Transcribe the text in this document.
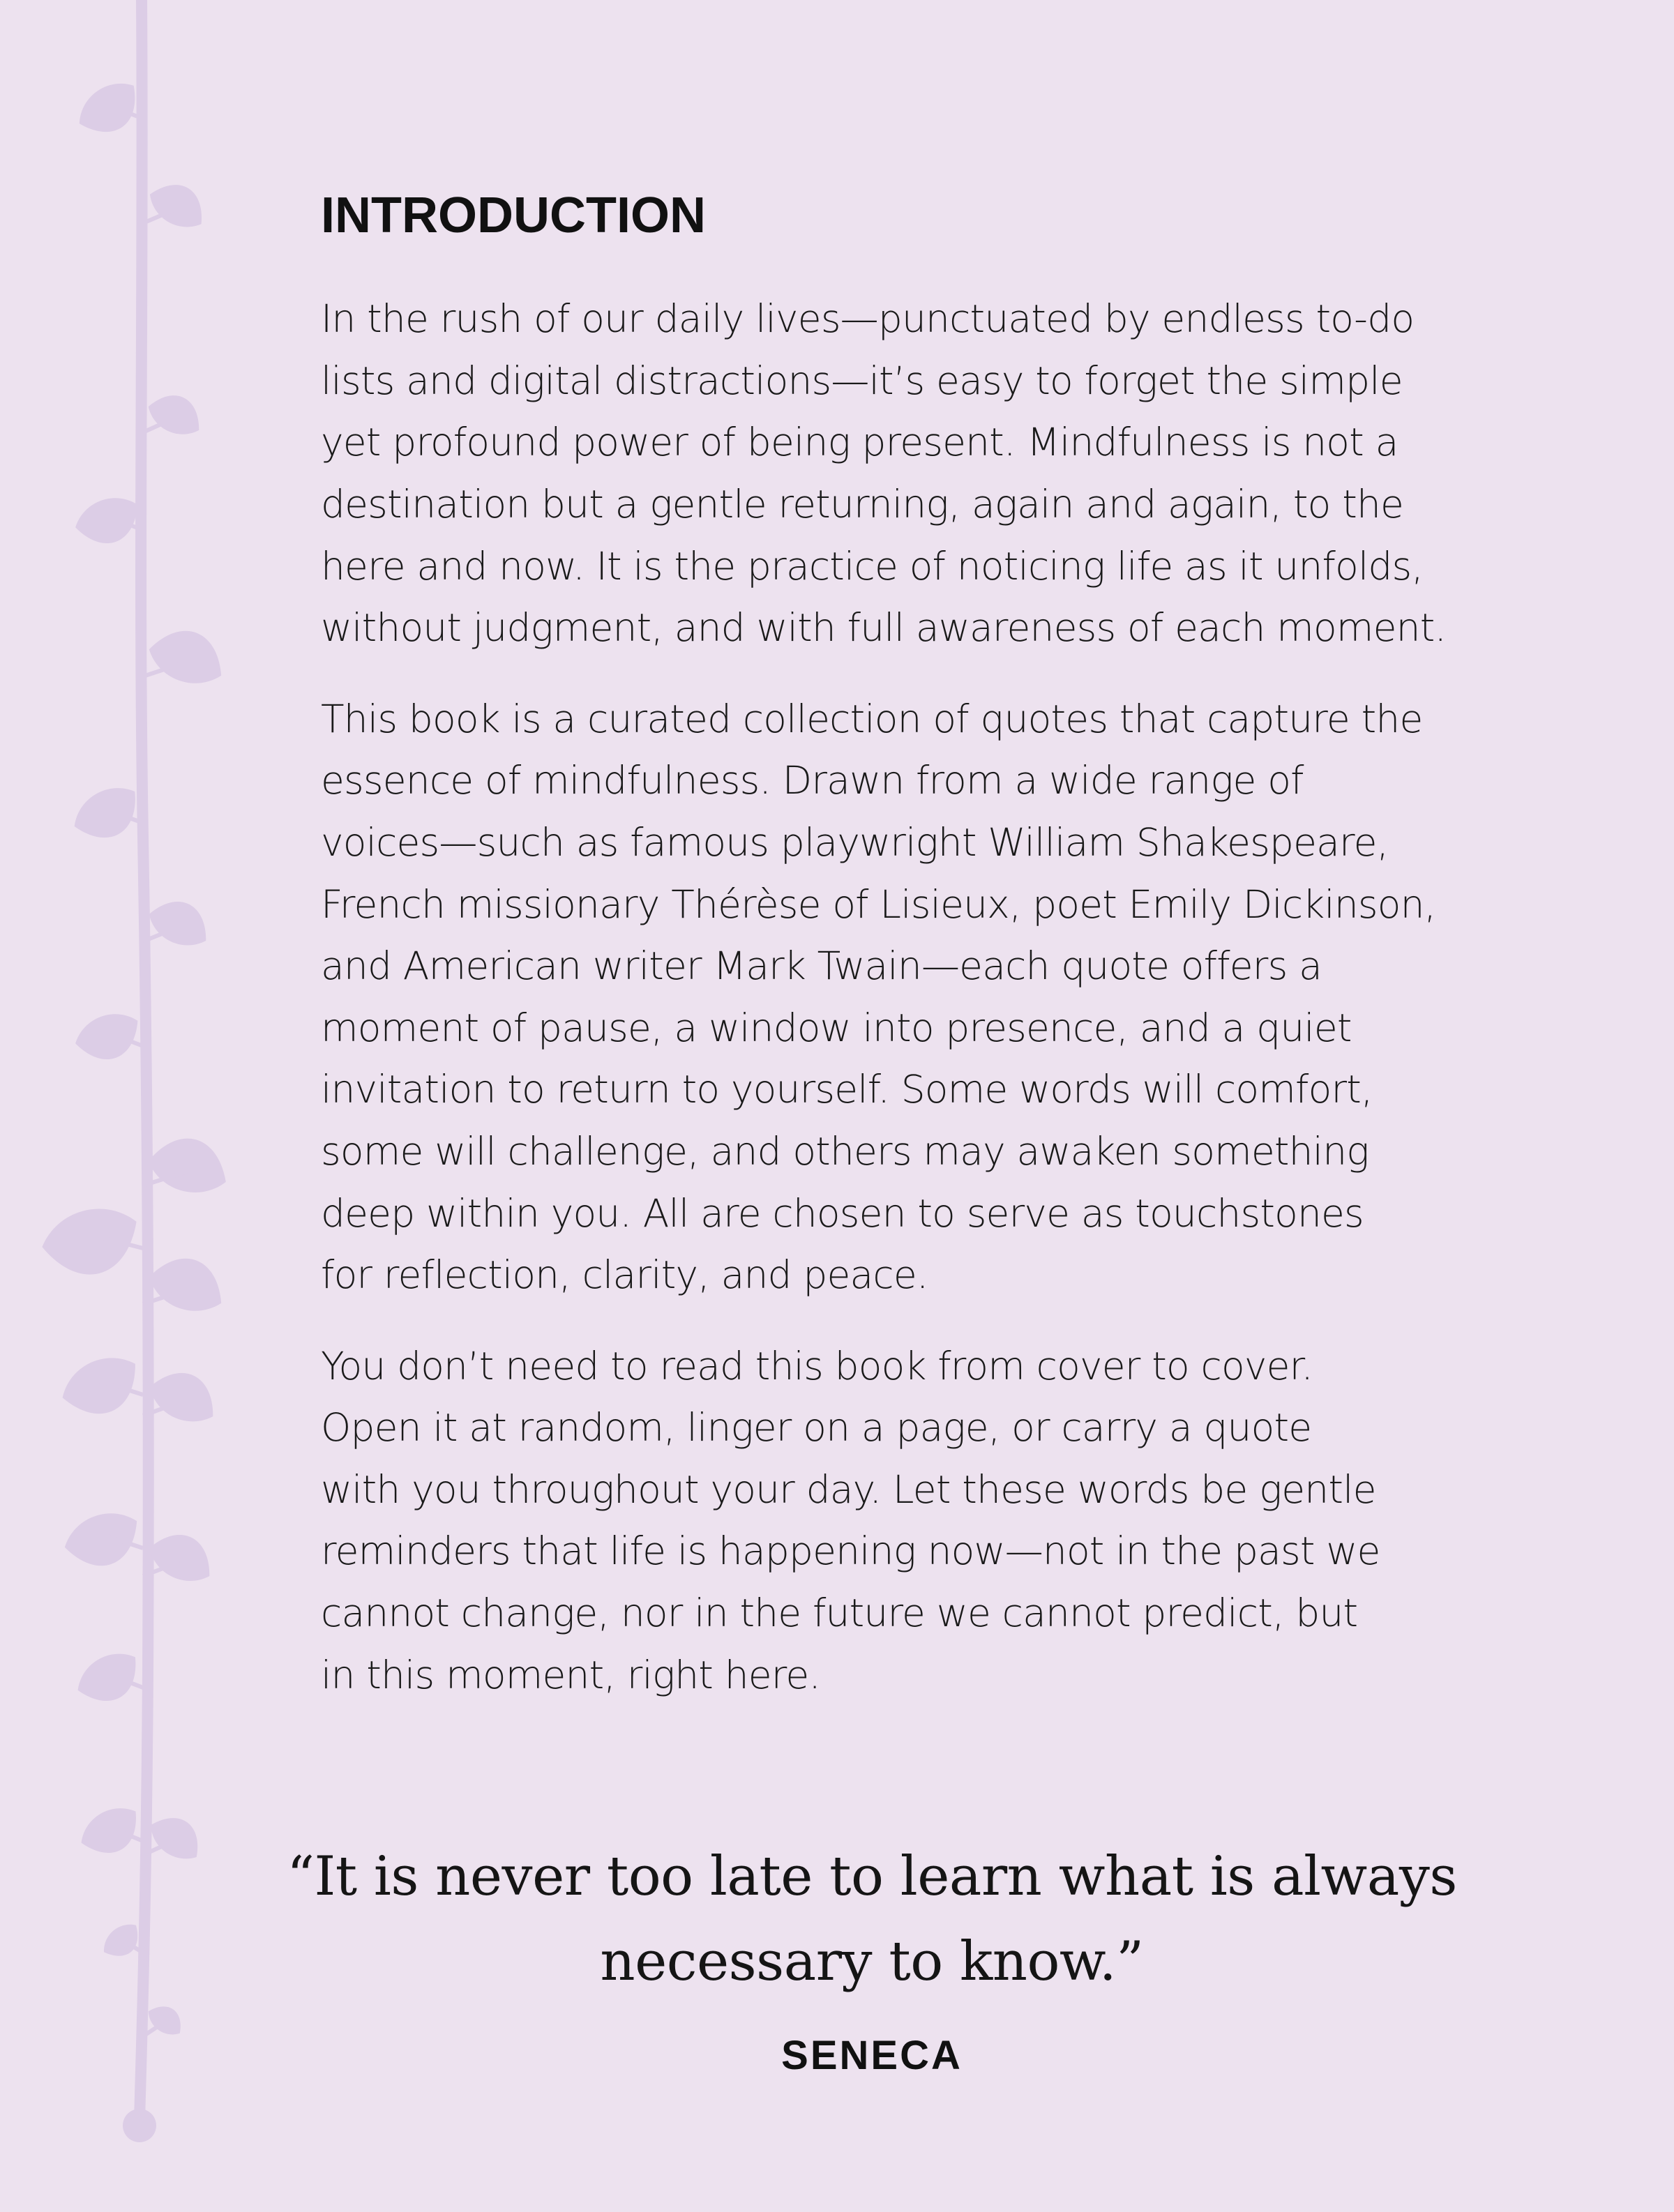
INTRODUCTION

In the rush of our daily lives—punctuated by endless to-do
lists and digital distractions—it’s easy to forget the simple
yet profound power of being present. Mindfulness is not a
destination but a gentle returning, again and again, to the
here and now. It is the practice of noticing life as it unfolds,
without judgment, and with full awareness of each moment.

This book is a curated collection of quotes that capture the
essence of mindfulness. Drawn from a wide range of
voices—such as famous playwright William Shakespeare,
French missionary Thérèse of Lisieux, poet Emily Dickinson,
and American writer Mark Twain—each quote offers a
moment of pause, a window into presence, and a quiet
invitation to return to yourself. Some words will comfort,
some will challenge, and others may awaken something
deep within you. All are chosen to serve as touchstones
for reflection, clarity, and peace.

You don’t need to read this book from cover to cover.
Open it at random, linger on a page, or carry a quote
with you throughout your day. Let these words be gentle
reminders that life is happening now—not in the past we
cannot change, nor in the future we cannot predict, but
in this moment, right here.

“It is never too late to learn what is always
necessary to know.”

SENECA
